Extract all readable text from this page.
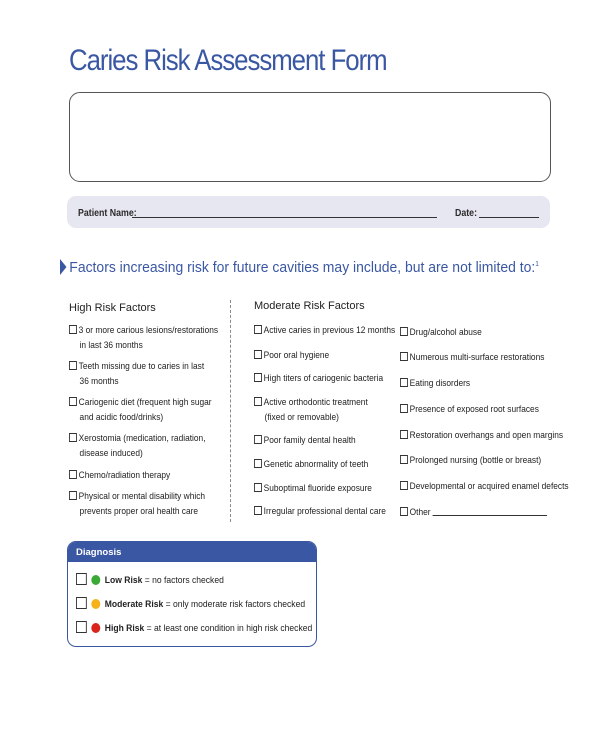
Caries Risk Assessment Form
Patient Name:	Date:
Factors increasing risk for future cavities may include, but are not limited to:$^1$
High Risk Factors	Moderate Risk Factors
3 or more carious lesions/restorations
in last 36 months
Teeth missing due to caries in last
36 months
Cariogenic diet (frequent high sugar
and acidic food/drinks)
Xerostomia (medication, radiation,
disease induced)
Chemo/radiation therapy
Physical or mental disability which
prevents proper oral health care
Active caries in previous 12 months
Poor oral hygiene
High titers of cariogenic bacteria
Active orthodontic treatment
(fixed or removable)
Poor family dental health
Genetic abnormality of teeth
Suboptimal fluoride exposure
Irregular professional dental care
Drug/alcohol abuse
Numerous multi-surface restorations
Eating disorders
Presence of exposed root surfaces
Restoration overhangs and open margins
Prolonged nursing (bottle or breast)
Developmental or acquired enamel defects
Other
Diagnosis
Low Risk = no factors checked
Moderate Risk = only moderate risk factors checked
High Risk = at least one condition in high risk checked
